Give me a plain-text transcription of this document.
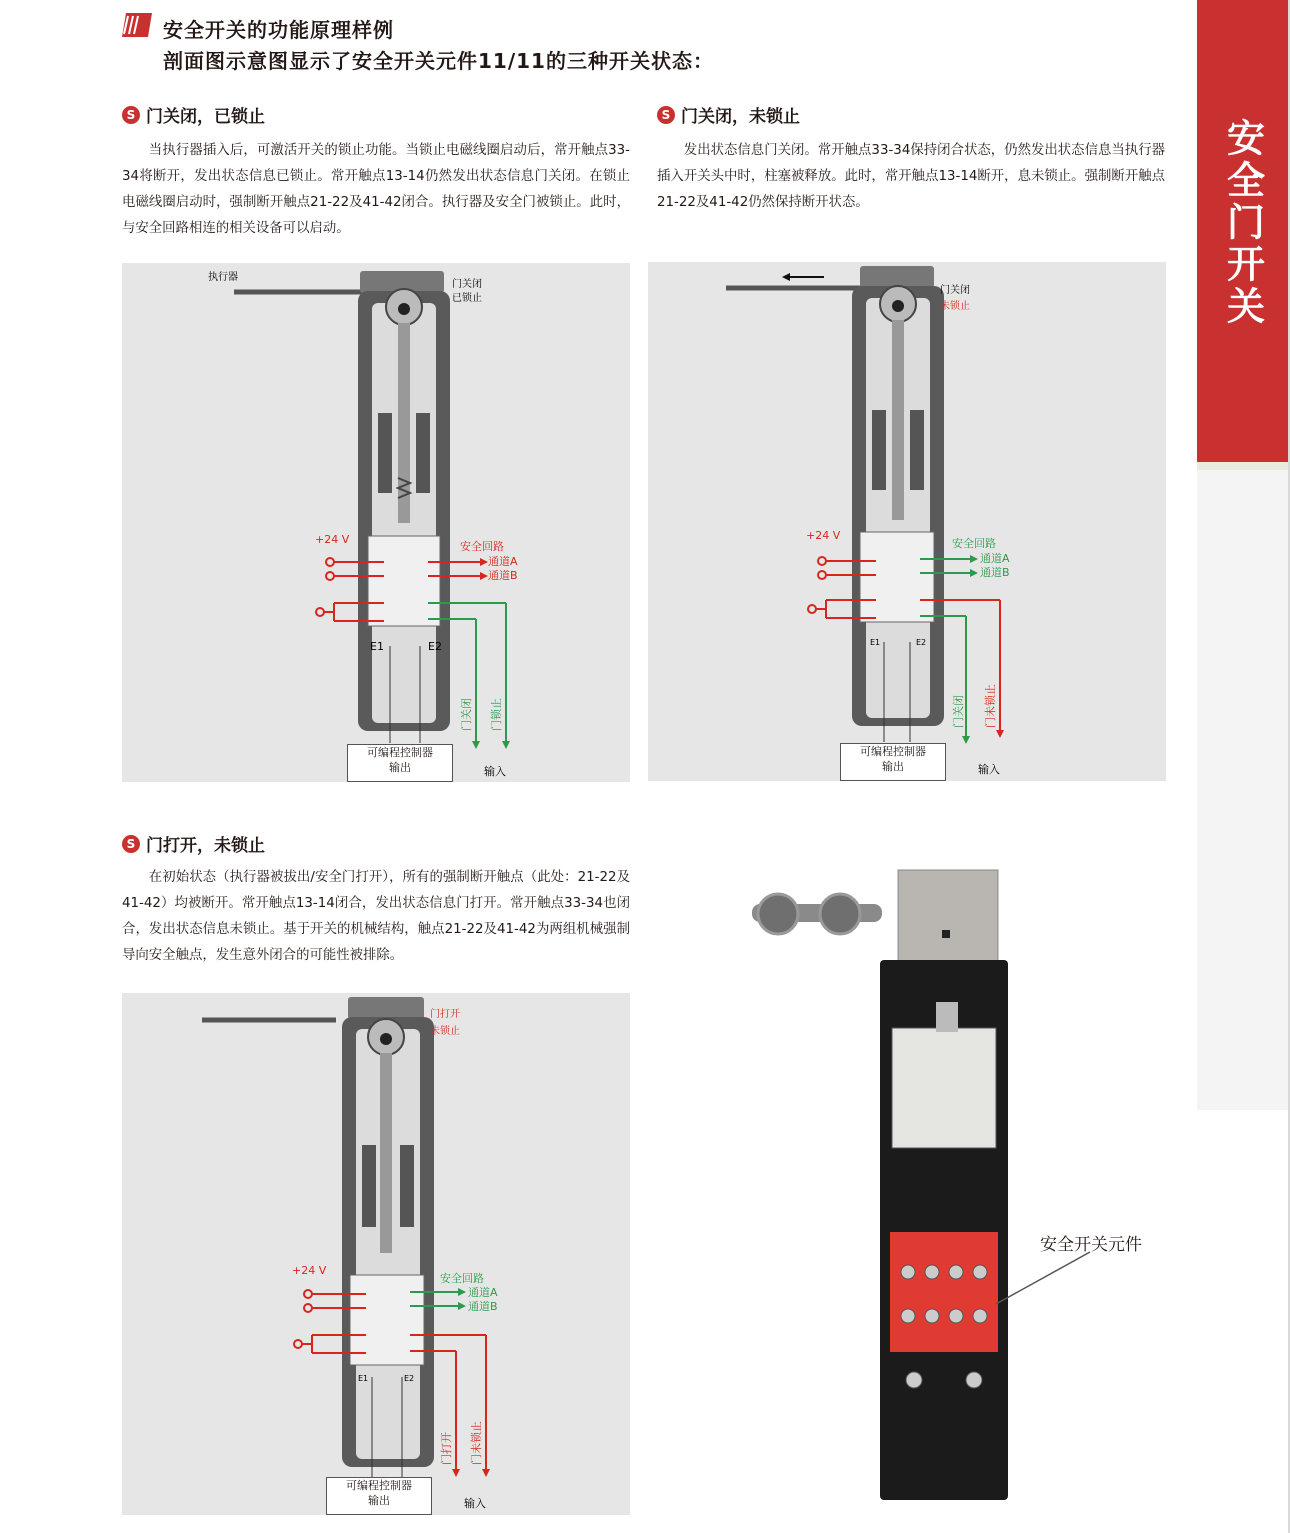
安全开关的功能原理样例
剖面图示意图显示了安全开关元件11/11的三种开关状态：
安全门开关
S 门关闭，已锁止
当执行器插入后，可激活开关的锁止功能。当锁止电磁线圈启动后，常开触点33-34将断开，发出状态信息已锁止。常开触点13-14仍然发出状态信息门关闭。在锁止电磁线圈启动时，强制断开触点21-22及41-42闭合。执行器及安全门被锁止。此时，与安全回路相连的相关设备可以启动。
S 门关闭，未锁止
发出状态信息门关闭。常开触点33-34保持闭合状态，仍然发出状态信息当执行器插入开关头中时，柱塞被释放。此时，常开触点13-14断开，息未锁止。强制断开触点21-22及41-42仍然保持断开状态。
S 门打开，未锁止
在初始状态（执行器被拔出/安全门打开），所有的强制断开触点（此处：21-22及41-42）均被断开。常开触点13-14闭合，发出状态信息门打开。常开触点33-34也闭合，发出状态信息未锁止。基于开关的机械结构，触点21-22及41-42为两组机械强制导向安全触点，发生意外闭合的可能性被排除。
执行器
+24 V
安全回路
通道A
通道B
E1	E2
门关闭
已锁止
门关闭 门锁止
输入
可编程控制器
输出
+24 V
安全回路
通道A
通道B
E1	E2
门关闭
未锁止
门关闭 门未锁止
输入
可编程控制器
输出
+24 V
安全回路
通道A
通道B
E1	E2
门打开
未锁止
门打开 门未锁止
输入
可编程控制器
输出
安全开关元件
